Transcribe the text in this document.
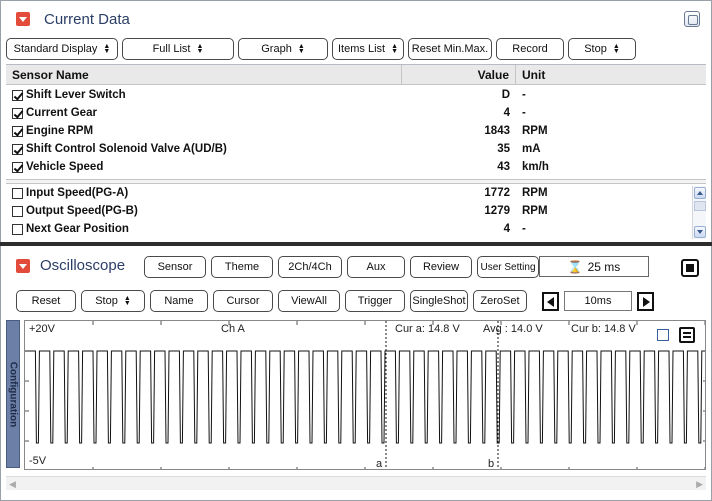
Current Data
Standard Display ▲
▼	Full List ▲
▼	Graph ▲
▼	Items List ▲
▼ Reset Min.Max. Record	Stop ▲
▼
Sensor Name	Value	Unit
Shift Lever Switch	D	-
Current Gear	4	-
Engine RPM	1843	RPM
Shift Control Solenoid Valve A(UD/B)	35	mA
Vehicle Speed	43	km/h
Input Speed(PG-A)	1772	RPM
Output Speed(PG-B)	1279	RPM
Next Gear Position	4	-
Oscilloscope	Sensor	Theme	2Ch/4Ch	Aux	Review User Setting	⌛ 25 ms
Reset	Stop ▲
▼	Name	Cursor	ViewAll	Trigger SingleShot ZeroSet	10ms
Configuration
+20V
-5V
Ch A	Cur a: 14.8 V Avg : 14.0 V	Cur b: 14.8 V
a	b
◀	▶
